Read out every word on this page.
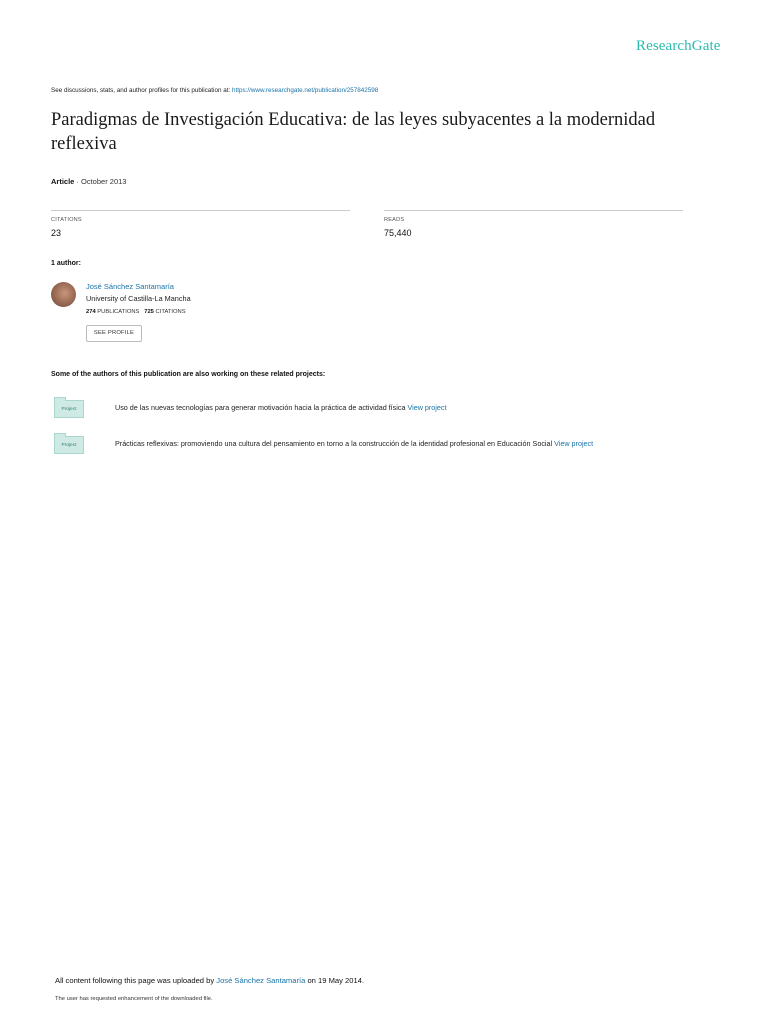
ResearchGate
See discussions, stats, and author profiles for this publication at: https://www.researchgate.net/publication/257842598
Paradigmas de Investigación Educativa: de las leyes subyacentes a la modernidad reflexiva
Article · October 2013
CITATIONS
23
READS
75,440
1 author:
José Sánchez Santamaría
University of Castilla-La Mancha
274 PUBLICATIONS 725 CITATIONS
SEE PROFILE
Some of the authors of this publication are also working on these related projects:
Project	Uso de las nuevas tecnologías para generar motivación hacia la práctica de actividad física View project
Project	Prácticas reflexivas: promoviendo una cultura del pensamiento en torno a la construcción de la identidad profesional en Educación Social View project
All content following this page was uploaded by José Sánchez Santamaría on 19 May 2014.
The user has requested enhancement of the downloaded file.
